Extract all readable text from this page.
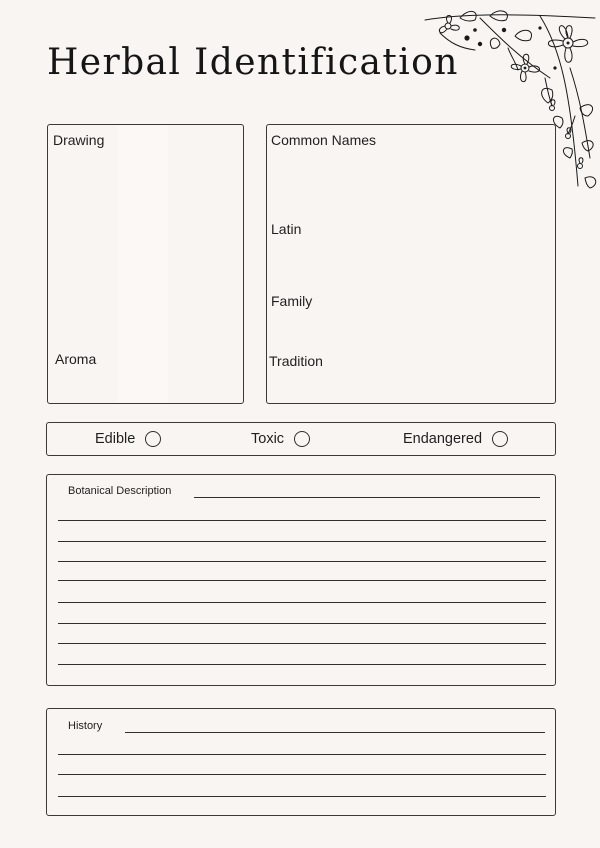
Herbal Identification
Drawing
Aroma
Common Names
Latin
Family
Tradition
Edible	Toxic	Endangered
Botanical Description
History
